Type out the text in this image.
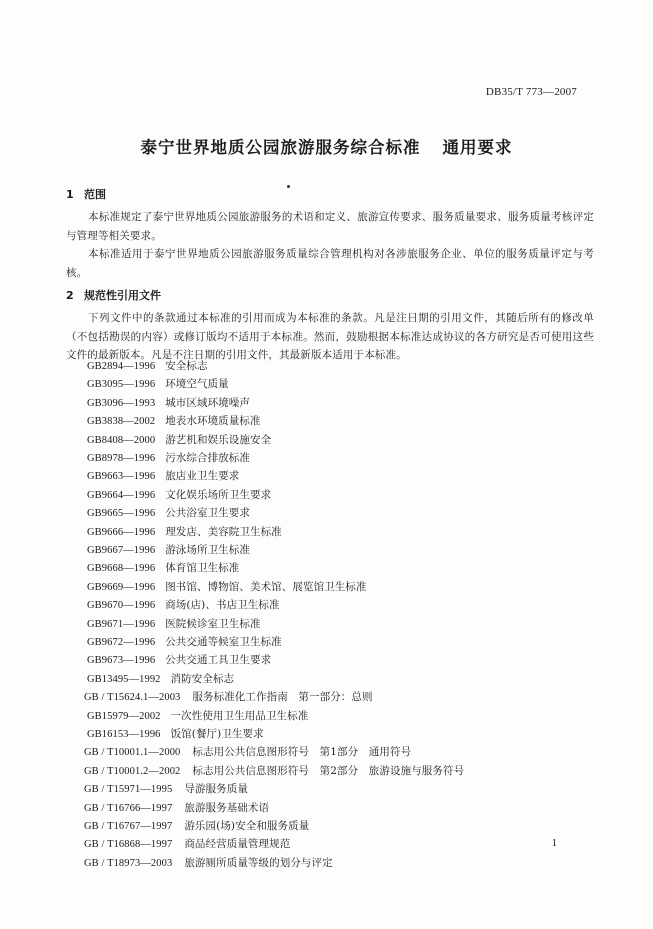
DB35/T 773—2007
泰宁世界地质公园旅游服务综合标准 通用要求
1 范围
本标准规定了泰宁世界地质公园旅游服务的术语和定义、旅游宣传要求、服务质量要求、服务质量考核评定与管理等相关要求。
本标准适用于泰宁世界地质公园旅游服务质量综合管理机构对各涉旅服务企业、单位的服务质量评定与考核。
2 规范性引用文件
下列文件中的条款通过本标准的引用而成为本标准的条款。凡是注日期的引用文件，其随后所有的修改单（不包括勘误的内容）或修订版均不适用于本标准。然而，鼓励根据本标准达成协议的各方研究是否可使用这些文件的最新版本。凡是不注日期的引用文件，其最新版本适用于本标准。
GB2894—1996 安全标志
GB3095—1996 环境空气质量
GB3096—1993 城市区域环境噪声
GB3838—2002 地表水环境质量标准
GB8408—2000 游艺机和娱乐设施安全
GB8978—1996 污水综合排放标准
GB9663—1996 旅店业卫生要求
GB9664—1996 文化娱乐场所卫生要求
GB9665—1996 公共浴室卫生要求
GB9666—1996 理发店、美容院卫生标准
GB9667—1996 游泳场所卫生标准
GB9668—1996 体育馆卫生标准
GB9669—1996 图书馆、博物馆、美术馆、展览馆卫生标准
GB9670—1996 商场(店)、书店卫生标准
GB9671—1996 医院候诊室卫生标准
GB9672—1996 公共交通等候室卫生标准
GB9673—1996 公共交通工具卫生要求
GB13495—1992 消防安全标志
GB / T15624.1—2003 服务标准化工作指南　第一部分：总则
GB15979—2002 一次性使用卫生用品卫生标准
GB16153—1996 饭馆(餐厅)卫生要求
GB / T10001.1—2000 标志用公共信息图形符号　第1部分　通用符号
GB / T10001.2—2002 标志用公共信息图形符号　第2部分　旅游设施与服务符号
GB / T15971—1995 导游服务质量
GB / T16766—1997 旅游服务基础术语
GB / T16767—1997 游乐园(场)安全和服务质量
GB / T16868—1997 商品经营质量管理规范
GB / T18973—2003 旅游厕所质量等级的划分与评定
1
